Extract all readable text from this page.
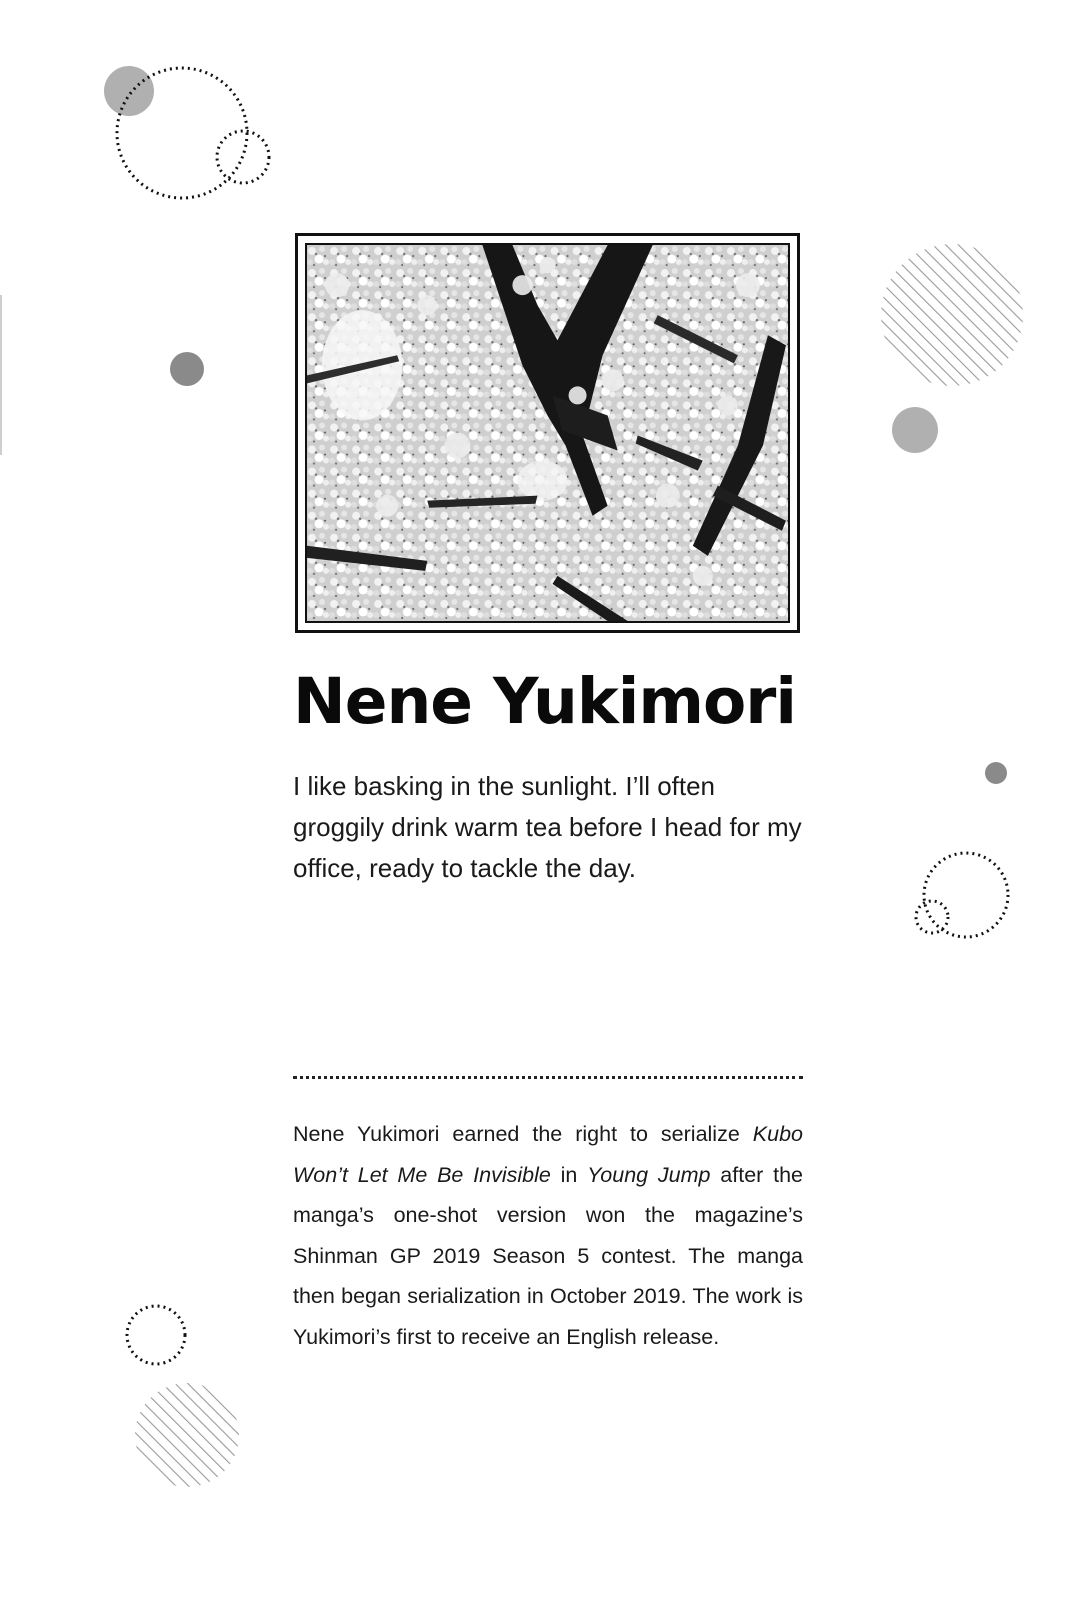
Nene Yukimori

I like basking in the sunlight. I’ll often groggily drink warm tea before I head for my office, ready to tackle the day.

Nene Yukimori earned the right to serialize Kubo Won’t Let Me Be Invisible in Young Jump after the manga’s one-shot version won the magazine’s Shinman GP 2019 Season 5 contest. The manga then began serialization in October 2019. The work is Yukimori’s first to receive an English release.
